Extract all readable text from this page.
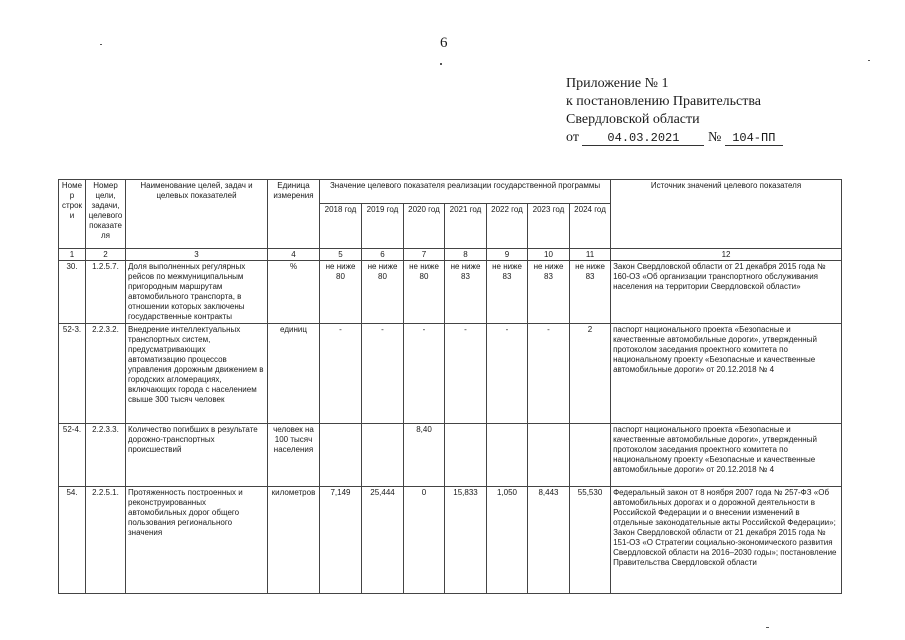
6
Приложение № 1
к постановлению Правительства
Свердловской области
от 04.03.2021 № 104-ПП
Номер строки	Номер цели, задачи, целевого показателя	Наименование целей, задач и целевых показателей	Единица измерения	Значение целевого показателя реализации государственной программы							Источник значений целевого показателя
				2018 год	2019 год	2020 год	2021 год	2022 год	2023 год	2024 год	
1	2	3	4	5	6	7	8	9	10	11	12
30.	1.2.5.7.	Доля выполненных регулярных рейсов по межмуниципальным пригородным маршрутам автомобильного транспорта, в отношении которых заключены государственные контракты	%	не ниже 80	не ниже 80	не ниже 80	не ниже 83	не ниже 83	не ниже 83	не ниже 83	Закон Свердловской области от 21 декабря 2015 года № 160-ОЗ «Об организации транспортного обслуживания населения на территории Свердловской области»
52-3.	2.2.3.2.	Внедрение интеллектуальных транспортных систем, предусматривающих автоматизацию процессов управления дорожным движением в городских агломерациях, включающих города с населением свыше 300 тысяч человек	единиц	-	-	-	-	-	-	2	паспорт национального проекта «Безопасные и качественные автомобильные дороги», утвержденный протоколом заседания проектного комитета по национальному проекту «Безопасные и качественные автомобильные дороги» от 20.12.2018 № 4
52-4.	2.2.3.3.	Количество погибших в результате дорожно-транспортных происшествий	человек на 100 тысяч населения			8,40					паспорт национального проекта «Безопасные и качественные автомобильные дороги», утвержденный протоколом заседания проектного комитета по национальному проекту «Безопасные и качественные автомобильные дороги» от 20.12.2018 № 4
54.	2.2.5.1.	Протяженность построенных и реконструированных автомобильных дорог общего пользования регионального значения	километров	7,149	25,444	0	15,833	1,050	8,443	55,530	Федеральный закон от 8 ноября 2007 года № 257-ФЗ «Об автомобильных дорогах и о дорожной деятельности в Российской Федерации и о внесении изменений в отдельные законодательные акты Российской Федерации»; Закон Свердловской области от 21 декабря 2015 года № 151-ОЗ «О Стратегии социально-экономического развития Свердловской области на 2016–2030 годы»; постановление Правительства Свердловской области
